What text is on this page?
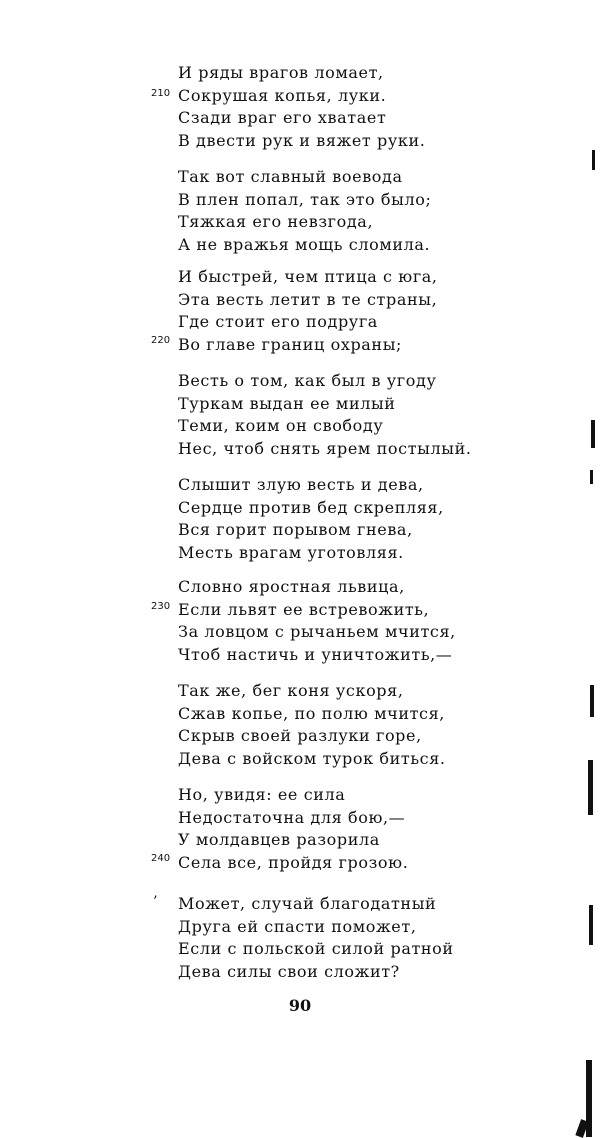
И ряды врагов ломает,
Сокрушая копья, луки.
Сзади враг его хватает
В двести рук и вяжет руки.
Так вот славный воевода
В плен попал, так это было;
Тяжкая его невзгода,
А не вражья мощь сломила.
И быстрей, чем птица с юга,
Эта весть летит в те страны,
Где стоит его подруга
Во главе границ охраны;
Весть о том, как был в угоду
Туркам выдан ее милый
Теми, коим он свободу
Нес, чтоб снять ярем постылый.
Слышит злую весть и дева,
Сердце против бед скрепляя,
Вся горит порывом гнева,
Месть врагам уготовляя.
Словно яростная львица,
Если львят ее встревожить,
За ловцом с рычаньем мчится,
Чтоб настичь и уничтожить,—
Так же, бег коня ускоря,
Сжав копье, по полю мчится,
Скрыв своей разлуки горе,
Дева с войском турок биться.
Но, увидя: ее сила
Недостаточна для бою,—
У молдавцев разорила
Села все, пройдя грозою.
Может, случай благодатный
Друга ей спасти поможет,
Если с польской силой ратной
Дева силы свои сложит?
210
220
230
240
’
90
